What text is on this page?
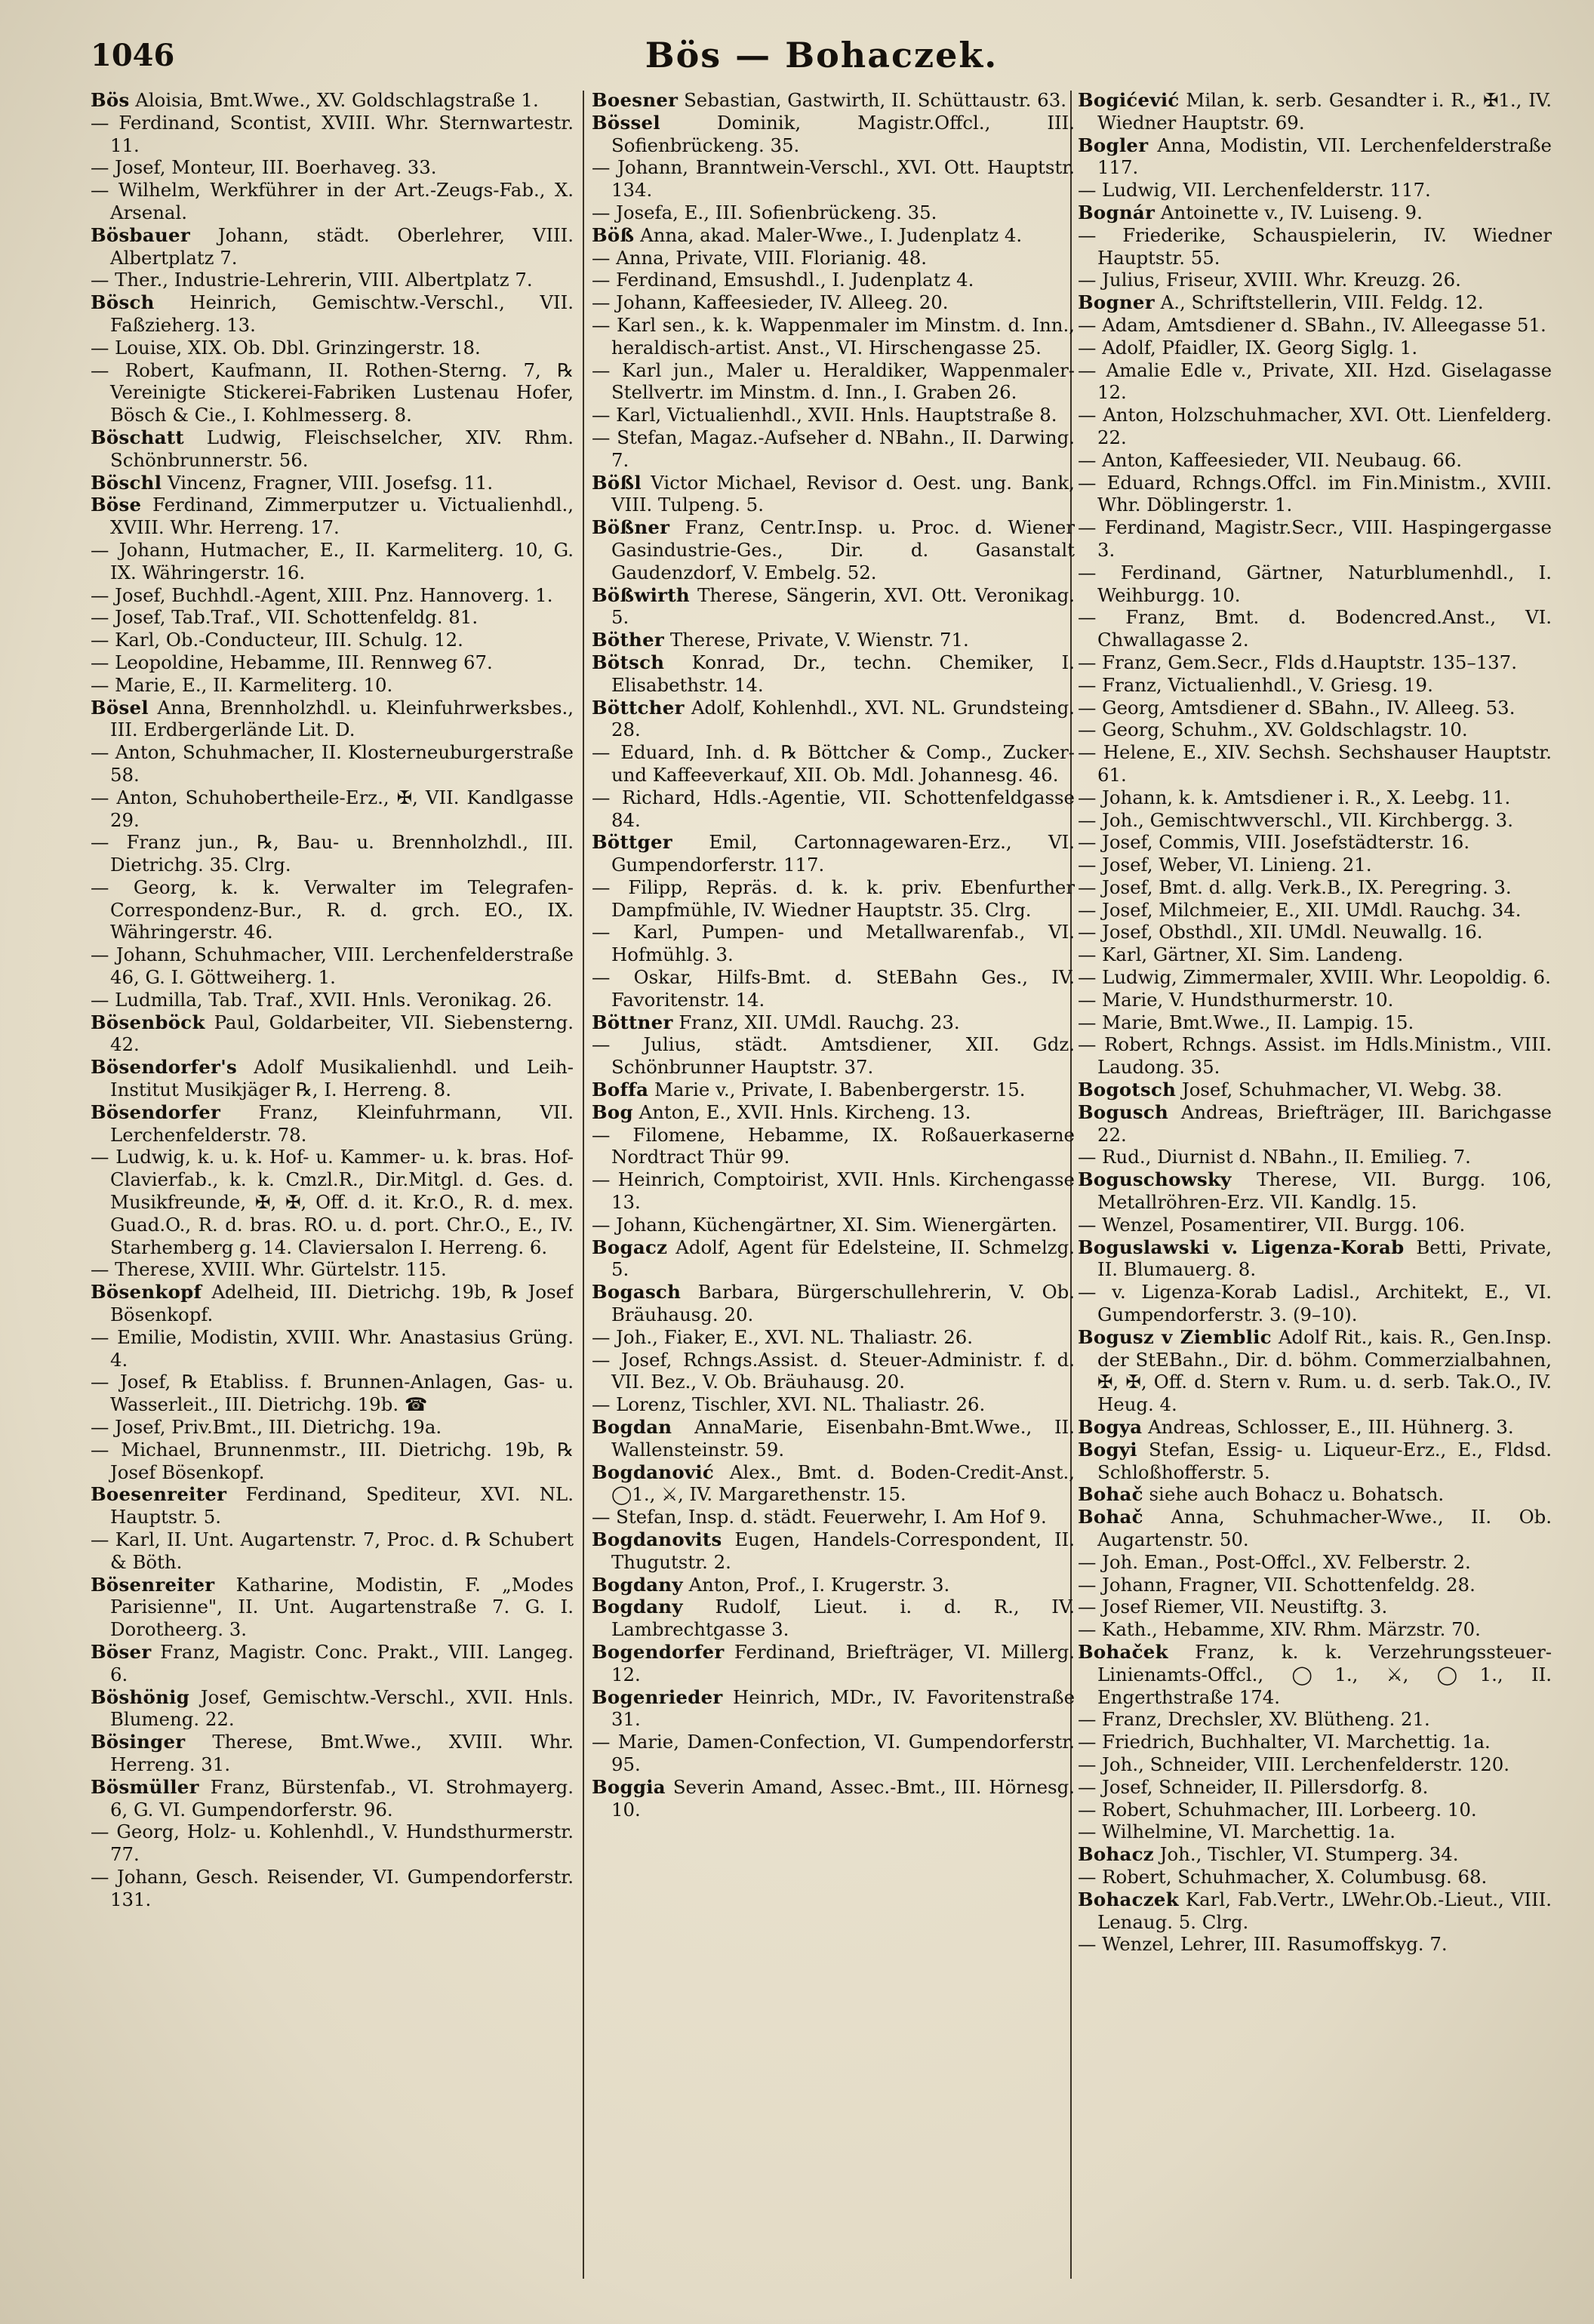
1046	Bös — Bohaczek.

Bös Aloisia, Bmt.Wwe., XV. Goldschlagstraße 1.

— Ferdinand, Scontist, XVIII. Whr. Sternwartestr. 11.

— Josef, Monteur, III. Boerhaveg. 33.

— Wilhelm, Werkführer in der Art.-Zeugs-Fab., X. Arsenal.

Bösbauer Johann, städt. Oberlehrer, VIII. Albertplatz 7.

— Ther., Industrie-Lehrerin, VIII. Albertplatz 7.

Bösch Heinrich, Gemischtw.-Verschl., VII. Faßzieherg. 13.

— Louise, XIX. Ob. Dbl. Grinzingerstr. 18.

— Robert, Kaufmann, II. Rothen-Sterng. 7, ℞ Vereinigte Stickerei-Fabriken Lustenau Hofer, Bösch & Cie., I. Kohlmesserg. 8.

Böschatt Ludwig, Fleischselcher, XIV. Rhm. Schönbrunnerstr. 56.

Böschl Vincenz, Fragner, VIII. Josefsg. 11.

Böse Ferdinand, Zimmerputzer u. Victualienhdl., XVIII. Whr. Herreng. 17.

— Johann, Hutmacher, E., II. Karmeliterg. 10, G. IX. Währingerstr. 16.

— Josef, Buchhdl.-Agent, XIII. Pnz. Hannoverg. 1.

— Josef, Tab.Traf., VII. Schottenfeldg. 81.

— Karl, Ob.-Conducteur, III. Schulg. 12.

— Leopoldine, Hebamme, III. Rennweg 67.

— Marie, E., II. Karmeliterg. 10.

Bösel Anna, Brennholzhdl. u. Kleinfuhrwerksbes., III. Erdbergerlände Lit. D.

— Anton, Schuhmacher, II. Klosterneuburgerstraße 58.

— Anton, Schuhobertheile-Erz., ✠, VII. Kandlgasse 29.

— Franz jun., ℞, Bau- u. Brennholzhdl., III. Dietrichg. 35. Clrg.

— Georg, k. k. Verwalter im Telegrafen-Correspondenz-Bur., R. d. grch. EO., IX. Währingerstr. 46.

— Johann, Schuhmacher, VIII. Lerchenfelderstraße 46, G. I. Göttweiherg. 1.

— Ludmilla, Tab. Traf., XVII. Hnls. Veronikag. 26.

Bösenböck Paul, Goldarbeiter, VII. Siebensterng. 42.

Bösendorfer's Adolf Musikalienhdl. und Leih-Institut Musikjäger ℞, I. Herreng. 8.

Bösendorfer Franz, Kleinfuhrmann, VII. Lerchenfelderstr. 78.

— Ludwig, k. u. k. Hof- u. Kammer- u. k. bras. Hof-Clavierfab., k. k. Cmzl.R., Dir.Mitgl. d. Ges. d. Musikfreunde, ✠, ✠, Off. d. it. Kr.O., R. d. mex. Guad.O., R. d. bras. RO. u. d. port. Chr.O., E., IV. Starhemberg g. 14. Claviersalon I. Herreng. 6.

— Therese, XVIII. Whr. Gürtelstr. 115.

Bösenkopf Adelheid, III. Dietrichg. 19b, ℞ Josef Bösenkopf.

— Emilie, Modistin, XVIII. Whr. Anastasius Grüng. 4.

— Josef, ℞ Etabliss. f. Brunnen-Anlagen, Gas- u. Wasserleit., III. Dietrichg. 19b. ☎

— Josef, Priv.Bmt., III. Dietrichg. 19a.

— Michael, Brunnenmstr., III. Dietrichg. 19b, ℞ Josef Bösenkopf.

Boesenreiter Ferdinand, Spediteur, XVI. NL. Hauptstr. 5.

— Karl, II. Unt. Augartenstr. 7, Proc. d. ℞ Schubert & Böth.

Bösenreiter Katharine, Modistin, F. „Modes Parisienne", II. Unt. Augartenstraße 7. G. I. Dorotheerg. 3.

Böser Franz, Magistr. Conc. Prakt., VIII. Langeg. 6.

Böshönig Josef, Gemischtw.-Verschl., XVII. Hnls. Blumeng. 22.

Bösinger Therese, Bmt.Wwe., XVIII. Whr. Herreng. 31.

Bösmüller Franz, Bürstenfab., VI. Strohmayerg. 6, G. VI. Gumpendorferstr. 96.

— Georg, Holz- u. Kohlenhdl., V. Hundsthurmerstr. 77.

— Johann, Gesch. Reisender, VI. Gumpendorferstr. 131.

Boesner Sebastian, Gastwirth, II. Schüttaustr. 63.

Bössel Dominik, Magistr.Offcl., III. Sofienbrückeng. 35.

— Johann, Branntwein-Verschl., XVI. Ott. Hauptstr. 134.

— Josefa, E., III. Sofienbrückeng. 35.

Böß Anna, akad. Maler-Wwe., I. Judenplatz 4.

— Anna, Private, VIII. Florianig. 48.

— Ferdinand, Emsushdl., I. Judenplatz 4.

— Johann, Kaffeesieder, IV. Alleeg. 20.

— Karl sen., k. k. Wappenmaler im Minstm. d. Inn., heraldisch-artist. Anst., VI. Hirschengasse 25.

— Karl jun., Maler u. Heraldiker, Wappenmaler-Stellvertr. im Minstm. d. Inn., I. Graben 26.

— Karl, Victualienhdl., XVII. Hnls. Hauptstraße 8.

— Stefan, Magaz.-Aufseher d. NBahn., II. Darwing. 7.

Bößl Victor Michael, Revisor d. Oest. ung. Bank, VIII. Tulpeng. 5.

Bößner Franz, Centr.Insp. u. Proc. d. Wiener Gasindustrie-Ges., Dir. d. Gasanstalt Gaudenzdorf, V. Embelg. 52.

Bößwirth Therese, Sängerin, XVI. Ott. Veronikag. 5.

Böther Therese, Private, V. Wienstr. 71.

Bötsch Konrad, Dr., techn. Chemiker, I. Elisabethstr. 14.

Böttcher Adolf, Kohlenhdl., XVI. NL. Grundsteing. 28.

— Eduard, Inh. d. ℞ Böttcher & Comp., Zucker- und Kaffeeverkauf, XII. Ob. Mdl. Johannesg. 46.

— Richard, Hdls.-Agentie, VII. Schottenfeldgasse 84.

Böttger Emil, Cartonnagewaren-Erz., VI. Gumpendorferstr. 117.

— Filipp, Repräs. d. k. k. priv. Ebenfurther Dampfmühle, IV. Wiedner Hauptstr. 35. Clrg.

— Karl, Pumpen- und Metallwarenfab., VI. Hofmühlg. 3.

— Oskar, Hilfs-Bmt. d. StEBahn Ges., IV. Favoritenstr. 14.

Böttner Franz, XII. UMdl. Rauchg. 23.

— Julius, städt. Amtsdiener, XII. Gdz. Schönbrunner Hauptstr. 37.

Boffa Marie v., Private, I. Babenbergerstr. 15.

Bog Anton, E., XVII. Hnls. Kircheng. 13.

— Filomene, Hebamme, IX. Roßauerkaserne Nordtract Thür 99.

— Heinrich, Comptoirist, XVII. Hnls. Kirchengasse 13.

— Johann, Küchengärtner, XI. Sim. Wienergärten.

Bogacz Adolf, Agent für Edelsteine, II. Schmelzg. 5.

Bogasch Barbara, Bürgerschullehrerin, V. Ob. Bräuhausg. 20.

— Joh., Fiaker, E., XVI. NL. Thaliastr. 26.

— Josef, Rchngs.Assist. d. Steuer-Administr. f. d. VII. Bez., V. Ob. Bräuhausg. 20.

— Lorenz, Tischler, XVI. NL. Thaliastr. 26.

Bogdan AnnaMarie, Eisenbahn-Bmt.Wwe., II. Wallensteinstr. 59.

Bogdanović Alex., Bmt. d. Boden-Credit-Anst., ◯1., ⚔, IV. Margarethenstr. 15.

— Stefan, Insp. d. städt. Feuerwehr, I. Am Hof 9.

Bogdanovits Eugen, Handels-Correspondent, II. Thugutstr. 2.

Bogdany Anton, Prof., I. Krugerstr. 3.

Bogdany Rudolf, Lieut. i. d. R., IV. Lambrechtgasse 3.

Bogendorfer Ferdinand, Briefträger, VI. Millerg. 12.

Bogenrieder Heinrich, MDr., IV. Favoritenstraße 31.

— Marie, Damen-Confection, VI. Gumpendorferstr. 95.

Boggia Severin Amand, Assec.-Bmt., III. Hörnesg. 10.

Bogićević Milan, k. serb. Gesandter i. R., ✠1., IV. Wiedner Hauptstr. 69.

Bogler Anna, Modistin, VII. Lerchenfelderstraße 117.

— Ludwig, VII. Lerchenfelderstr. 117.

Bognár Antoinette v., IV. Luiseng. 9.

— Friederike, Schauspielerin, IV. Wiedner Hauptstr. 55.

— Julius, Friseur, XVIII. Whr. Kreuzg. 26.

Bogner A., Schriftstellerin, VIII. Feldg. 12.

— Adam, Amtsdiener d. SBahn., IV. Alleegasse 51.

— Adolf, Pfaidler, IX. Georg Siglg. 1.

— Amalie Edle v., Private, XII. Hzd. Giselagasse 12.

— Anton, Holzschuhmacher, XVI. Ott. Lienfelderg. 22.

— Anton, Kaffeesieder, VII. Neubaug. 66.

— Eduard, Rchngs.Offcl. im Fin.Ministm., XVIII. Whr. Döblingerstr. 1.

— Ferdinand, Magistr.Secr., VIII. Haspingergasse 3.

— Ferdinand, Gärtner, Naturblumenhdl., I. Weihburgg. 10.

— Franz, Bmt. d. Bodencred.Anst., VI. Chwallagasse 2.

— Franz, Gem.Secr., Flds d.Hauptstr. 135–137.

— Franz, Victualienhdl., V. Griesg. 19.

— Georg, Amtsdiener d. SBahn., IV. Alleeg. 53.

— Georg, Schuhm., XV. Goldschlagstr. 10.

— Helene, E., XIV. Sechsh. Sechshauser Hauptstr. 61.

— Johann, k. k. Amtsdiener i. R., X. Leebg. 11.

— Joh., Gemischtwverschl., VII. Kirchbergg. 3.

— Josef, Commis, VIII. Josefstädterstr. 16.

— Josef, Weber, VI. Linieng. 21.

— Josef, Bmt. d. allg. Verk.B., IX. Peregring. 3.

— Josef, Milchmeier, E., XII. UMdl. Rauchg. 34.

— Josef, Obsthdl., XII. UMdl. Neuwallg. 16.

— Karl, Gärtner, XI. Sim. Landeng.

— Ludwig, Zimmermaler, XVIII. Whr. Leopoldig. 6.

— Marie, V. Hundsthurmerstr. 10.

— Marie, Bmt.Wwe., II. Lampig. 15.

— Robert, Rchngs. Assist. im Hdls.Ministm., VIII. Laudong. 35.

Bogotsch Josef, Schuhmacher, VI. Webg. 38.

Bogusch Andreas, Briefträger, III. Barichgasse 22.

— Rud., Diurnist d. NBahn., II. Emilieg. 7.

Boguschowsky Therese, VII. Burgg. 106, Metallröhren-Erz. VII. Kandlg. 15.

— Wenzel, Posamentirer, VII. Burgg. 106.

Boguslawski v. Ligenza-Korab Betti, Private, II. Blumauerg. 8.

— v. Ligenza-Korab Ladisl., Architekt, E., VI. Gumpendorferstr. 3. (9–10).

Bogusz v Ziemblic Adolf Rit., kais. R., Gen.Insp. der StEBahn., Dir. d. böhm. Commerzialbahnen, ✠, ✠, Off. d. Stern v. Rum. u. d. serb. Tak.O., IV. Heug. 4.

Bogya Andreas, Schlosser, E., III. Hühnerg. 3.

Bogyi Stefan, Essig- u. Liqueur-Erz., E., Fldsd. Schloßhofferstr. 5.

Bohač siehe auch Bohacz u. Bohatsch.

Bohač Anna, Schuhmacher-Wwe., II. Ob. Augartenstr. 50.

— Joh. Eman., Post-Offcl., XV. Felberstr. 2.

— Johann, Fragner, VII. Schottenfeldg. 28.

— Josef Riemer, VII. Neustiftg. 3.

— Kath., Hebamme, XIV. Rhm. Märzstr. 70.

Bohaček Franz, k. k. Verzehrungssteuer-Linienamts-Offcl., ◯1., ⚔, ◯1., II. Engerthstraße 174.

— Franz, Drechsler, XV. Blütheng. 21.

— Friedrich, Buchhalter, VI. Marchettig. 1a.

— Joh., Schneider, VIII. Lerchenfelderstr. 120.

— Josef, Schneider, II. Pillersdorfg. 8.

— Robert, Schuhmacher, III. Lorbeerg. 10.

— Wilhelmine, VI. Marchettig. 1a.

Bohacz Joh., Tischler, VI. Stumperg. 34.

— Robert, Schuhmacher, X. Columbusg. 68.

Bohaczek Karl, Fab.Vertr., LWehr.Ob.-Lieut., VIII. Lenaug. 5. Clrg.

— Wenzel, Lehrer, III. Rasumoffskyg. 7.
